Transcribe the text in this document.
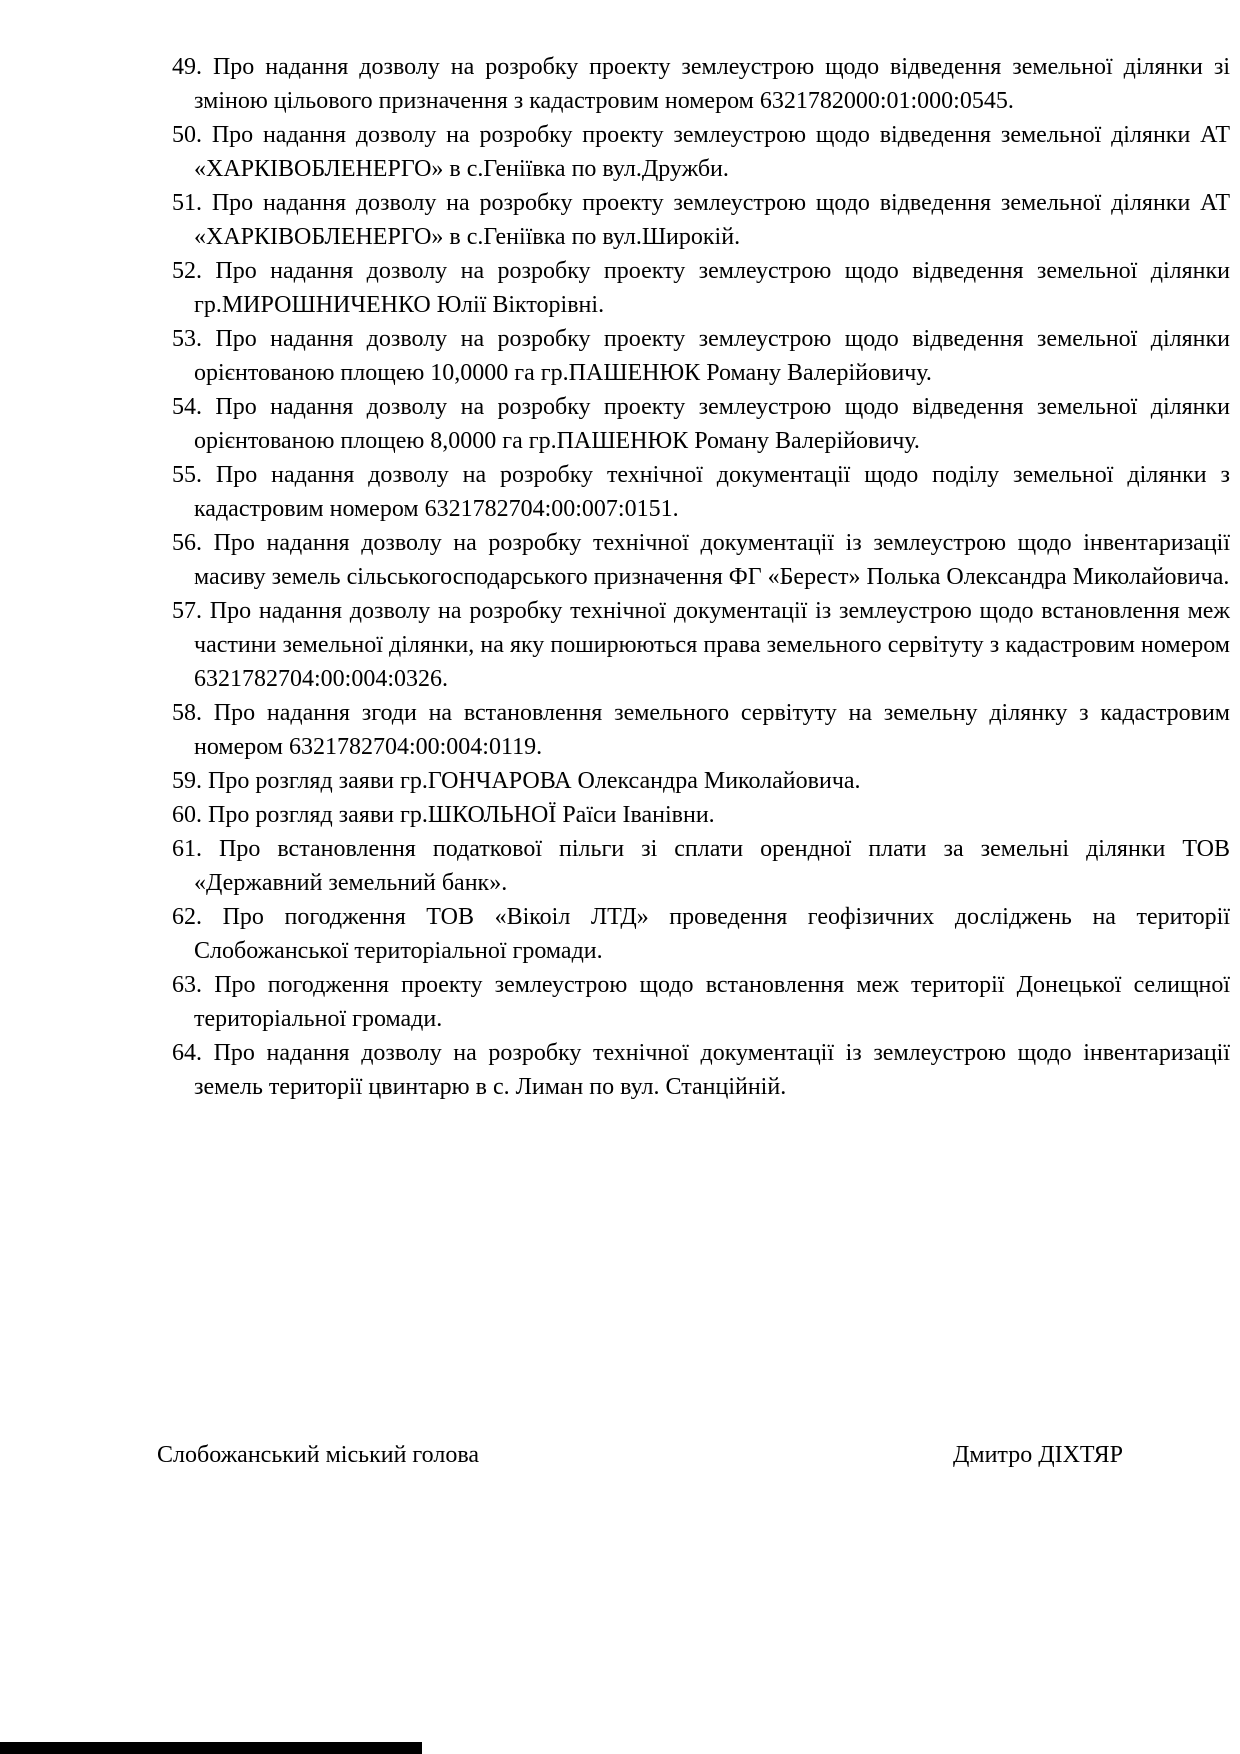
49. Про надання дозволу на розробку проекту землеустрою щодо відведення земельної ділянки зі зміною цільового призначення з кадастровим номером 6321782000:01:000:0545.
50. Про надання дозволу на розробку проекту землеустрою щодо відведення земельної ділянки АТ «ХАРКІВОБЛЕНЕРГО» в с.Геніївка по вул.Дружби.
51. Про надання дозволу на розробку проекту землеустрою щодо відведення земельної ділянки АТ «ХАРКІВОБЛЕНЕРГО» в с.Геніївка по вул.Широкій.
52. Про надання дозволу на розробку проекту землеустрою щодо відведення земельної ділянки гр.МИРОШНИЧЕНКО Юлії Вікторівні.
53. Про надання дозволу на розробку проекту землеустрою щодо відведення земельної ділянки орієнтованою площею 10,0000 га гр.ПАШЕНЮК Роману Валерійовичу.
54. Про надання дозволу на розробку проекту землеустрою щодо відведення земельної ділянки орієнтованою площею 8,0000 га гр.ПАШЕНЮК Роману Валерійовичу.
55. Про надання дозволу на розробку технічної документації щодо поділу земельної ділянки з кадастровим номером 6321782704:00:007:0151.
56. Про надання дозволу на розробку технічної документації із землеустрою щодо інвентаризації масиву земель сільськогосподарського призначення ФГ «Берест» Полька Олександра Миколайовича.
57. Про надання дозволу на розробку технічної документації із землеустрою щодо встановлення меж частини земельної ділянки, на яку поширюються права земельного сервітуту з кадастровим номером 6321782704:00:004:0326.
58. Про надання згоди на встановлення земельного сервітуту на земельну ділянку з кадастровим номером 6321782704:00:004:0119.
59. Про розгляд заяви гр.ГОНЧАРОВА Олександра Миколайовича.
60. Про розгляд заяви гр.ШКОЛЬНОЇ Раїси Іванівни.
61. Про встановлення податкової пільги зі сплати орендної плати за земельні ділянки ТОВ «Державний земельний банк».
62. Про погодження ТОВ «Вікоіл ЛТД» проведення геофізичних досліджень на території Слобожанської територіальної громади.
63. Про погодження проекту землеустрою щодо встановлення меж території Донецької селищної територіальної громади.
64. Про надання дозволу на розробку технічної документації із землеустрою щодо інвентаризації земель території цвинтарю в с. Лиман по вул. Станційній.
Слобожанський міський голова	Дмитро ДІХТЯР
